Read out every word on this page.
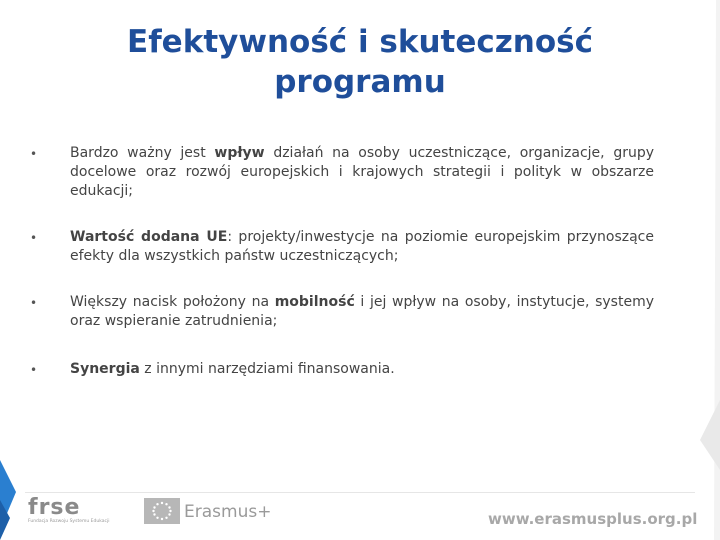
Efektywność i skuteczność
programu
• Bardzo ważny jest wpływ działań na osoby uczestniczące, organizacje, grupy docelowe oraz rozwój europejskich i krajowych strategii i polityk w obszarze edukacji;
• Wartość dodana UE: projekty/inwestycje na poziomie europejskim przynoszące efekty dla wszystkich państw uczestniczących;
• Większy nacisk położony na mobilność i jej wpływ na osoby, instytucje, systemy oraz wspieranie zatrudnienia;
• Synergia z innymi narzędziami finansowania.
frse
Fundacja Rozwoju Systemu Edukacji	Erasmus+	www.erasmusplus.org.pl
